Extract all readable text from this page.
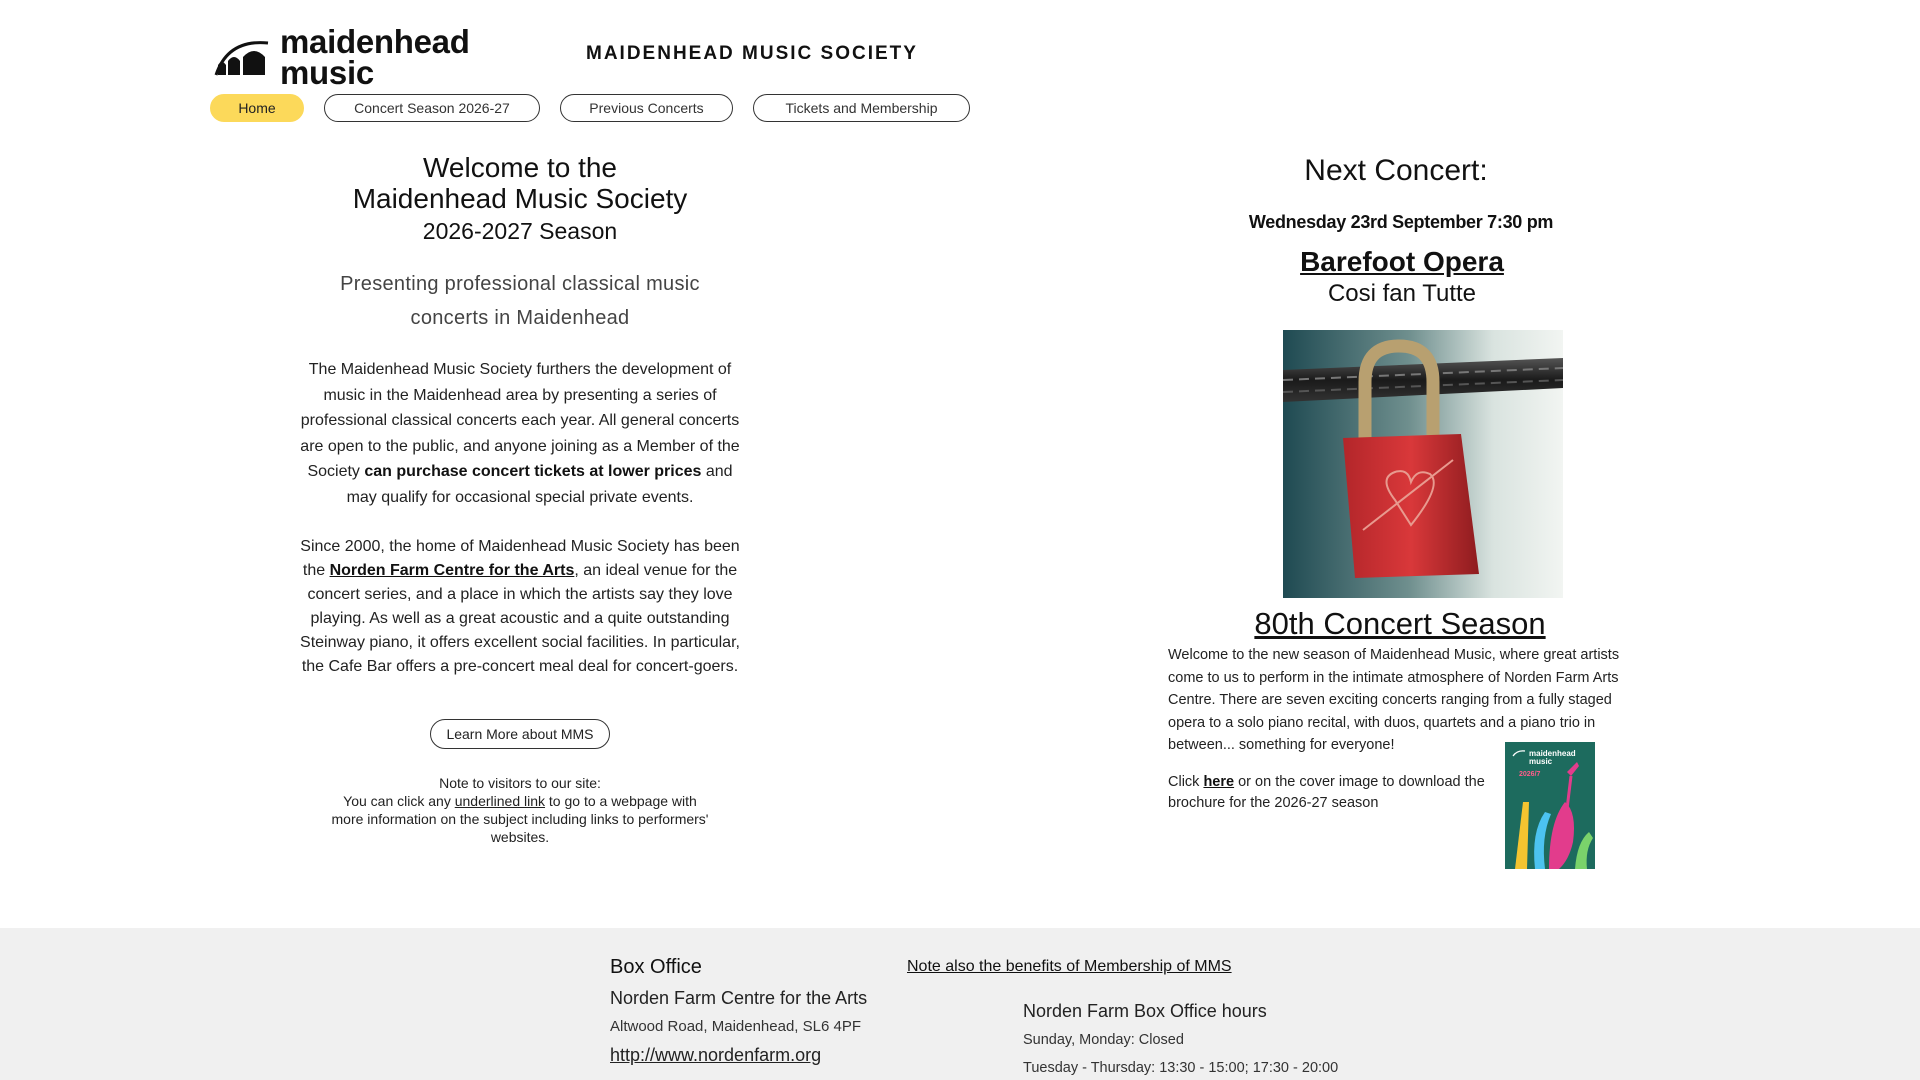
maidenhead
music
MAIDENHEAD MUSIC SOCIETY
Home	Concert Season 2026-27	Previous Concerts	Tickets and Membership
Welcome to the
Maidenhead Music Society
2026-2027 Season
Presenting professional classical music
concerts in Maidenhead
The Maidenhead Music Society furthers the development of music in the Maidenhead area by presenting a series of professional classical concerts each year. All general concerts are open to the public, and anyone joining as a Member of the Society can purchase concert tickets at lower prices and may qualify for occasional special private events.
Since 2000, the home of Maidenhead Music Society has been the Norden Farm Centre for the Arts, an ideal venue for the concert series, and a place in which the artists say they love playing. As well as a great acoustic and a quite outstanding Steinway piano, it offers excellent social facilities. In particular, the Cafe Bar offers a pre-concert meal deal for concert-goers.
Learn More about MMS
Note to visitors to our site:
You can click any underlined link to go to a webpage with more information on the subject including links to performers' websites.
Next Concert:
Wednesday 23rd September 7:30 pm
Barefoot Opera
Cosi fan Tutte
80th Concert Season
Welcome to the new season of Maidenhead Music, where great artists come to us to perform in the intimate atmosphere of Norden Farm Arts Centre. There are seven exciting concerts ranging from a fully staged opera to a solo piano recital, with duos, quartets and a piano trio in between... something for everyone!
Click here or on the cover image to download the brochure for the 2026-27 season
maidenhead
music
2026/7
Box Office
Norden Farm Centre for the Arts
Altwood Road, Maidenhead, SL6 4PF
http://www.nordenfarm.org
Note also the benefits of Membership of MMS
Norden Farm Box Office hours
Sunday, Monday: Closed
Tuesday - Thursday: 13:30 - 15:00; 17:30 - 20:00
